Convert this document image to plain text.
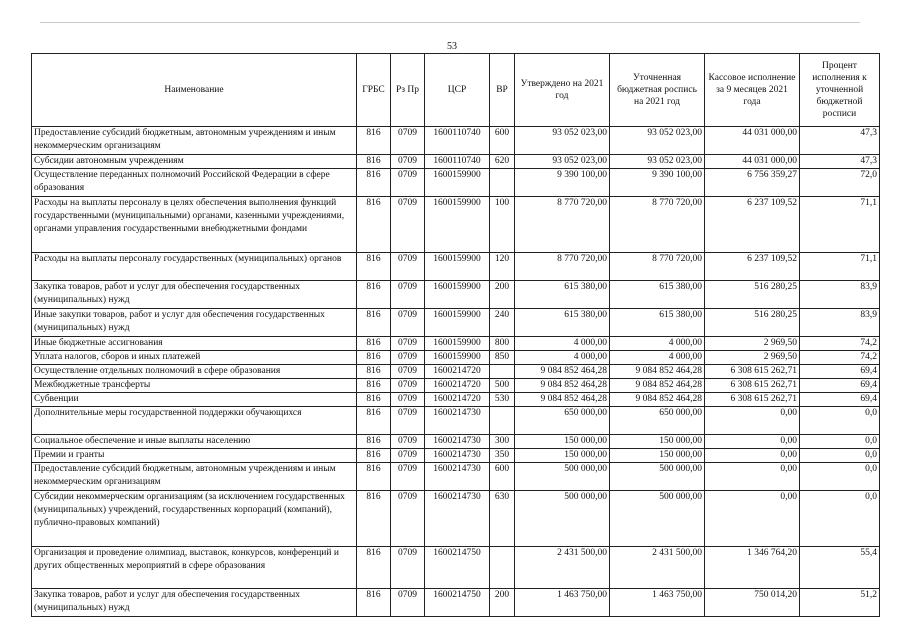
53
Наименование	ГРБС	Рз Пр	ЦСР	ВР	Утверждено на 2021 год	Уточненная бюджетная роспись на 2021 год	Кассовое исполнение за 9 месяцев 2021 года	Процент исполнения к уточненной бюджетной росписи
Предоставление субсидий бюджетным, автономным учреждениям и иным некоммерческим организациям	816	0709	1600110740	600	93 052 023,00	93 052 023,00	44 031 000,00	47,3
Субсидии автономным учреждениям	816	0709	1600110740	620	93 052 023,00	93 052 023,00	44 031 000,00	47,3
Осуществление переданных полномочий Российской Федерации в сфере образования	816	0709	1600159900		9 390 100,00	9 390 100,00	6 756 359,27	72,0
Расходы на выплаты персоналу в целях обеспечения выполнения функций государственными (муниципальными) органами, казенными учреждениями, органами управления государственными внебюджетными фондами	816	0709	1600159900	100	8 770 720,00	8 770 720,00	6 237 109,52	71,1
Расходы на выплаты персоналу государственных (муниципальных) органов	816	0709	1600159900	120	8 770 720,00	8 770 720,00	6 237 109,52	71,1
Закупка товаров, работ и услуг для обеспечения государственных (муниципальных) нужд	816	0709	1600159900	200	615 380,00	615 380,00	516 280,25	83,9
Иные закупки товаров, работ и услуг для обеспечения государственных (муниципальных) нужд	816	0709	1600159900	240	615 380,00	615 380,00	516 280,25	83,9
Иные бюджетные ассигнования	816	0709	1600159900	800	4 000,00	4 000,00	2 969,50	74,2
Уплата налогов, сборов и иных платежей	816	0709	1600159900	850	4 000,00	4 000,00	2 969,50	74,2
Осуществление отдельных полномочий в сфере образования	816	0709	1600214720		9 084 852 464,28	9 084 852 464,28	6 308 615 262,71	69,4
Межбюджетные трансферты	816	0709	1600214720	500	9 084 852 464,28	9 084 852 464,28	6 308 615 262,71	69,4
Субвенции	816	0709	1600214720	530	9 084 852 464,28	9 084 852 464,28	6 308 615 262,71	69,4
Дополнительные меры государственной поддержки обучающихся	816	0709	1600214730		650 000,00	650 000,00	0,00	0,0
Социальное обеспечение и иные выплаты населению	816	0709	1600214730	300	150 000,00	150 000,00	0,00	0,0
Премии и гранты	816	0709	1600214730	350	150 000,00	150 000,00	0,00	0,0
Предоставление субсидий бюджетным, автономным учреждениям и иным некоммерческим организациям	816	0709	1600214730	600	500 000,00	500 000,00	0,00	0,0
Субсидии некоммерческим организациям (за исключением государственных (муниципальных) учреждений, государственных корпораций (компаний), публично-правовых компаний)	816	0709	1600214730	630	500 000,00	500 000,00	0,00	0,0
Организация и проведение олимпиад, выставок, конкурсов, конференций и других общественных мероприятий в сфере образования	816	0709	1600214750		2 431 500,00	2 431 500,00	1 346 764,20	55,4
Закупка товаров, работ и услуг для обеспечения государственных (муниципальных) нужд	816	0709	1600214750	200	1 463 750,00	1 463 750,00	750 014,20	51,2
